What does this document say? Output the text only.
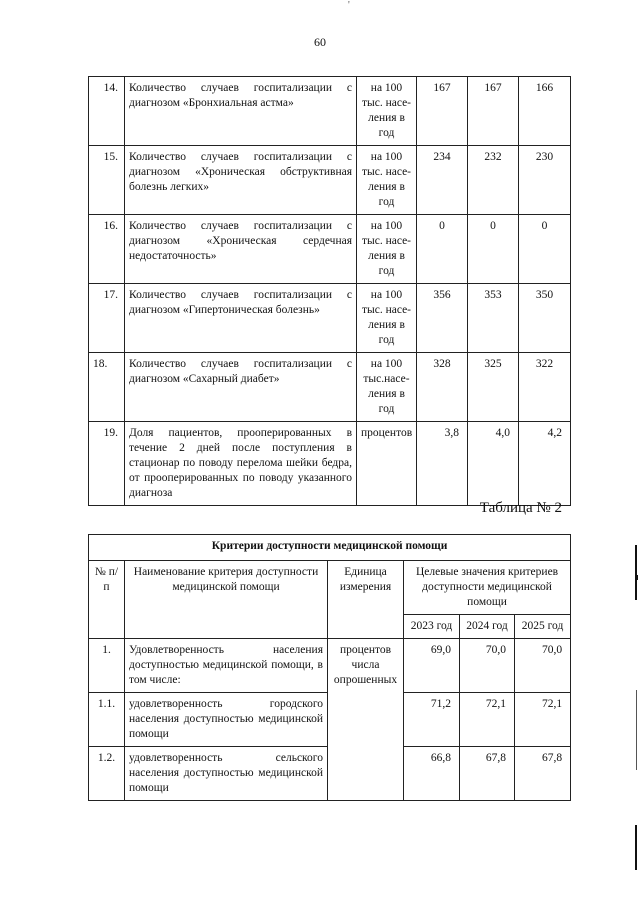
'
60
14.	Количество случаев госпитализации с диагнозом «Бронхиальная астма»	на 100 тыс. насе-ления в год	167	167	166
15.	Количество случаев госпитализации с диагнозом «Хроническая обструктивная болезнь легких»	на 100 тыс. насе-ления в год	234	232	230
16.	Количество случаев госпитализации с диагнозом «Хроническая сердечная недостаточность»	на 100 тыс. насе-ления в год	0	0	0
17.	Количество случаев госпитализации с диагнозом «Гипертоническая болезнь»	на 100 тыс. насе-ления в год	356	353	350
18.	Количество случаев госпитализации с диагнозом «Сахарный диабет»	на 100 тыс.насе-ления в год	328	325	322
19.	Доля пациентов, прооперированных в течение 2 дней после поступления в стационар по поводу перелома шейки бедра, от прооперированных по поводу указанного диагноза	процентов	3,8	4,0	4,2
Таблица № 2
Критерии доступности медицинской помощи					
№ п/п	Наименование критерия доступности медицинской помощи	Единица измерения	Целевые значения критериев доступности медицинской помощи		
			2023 год	2024 год	2025 год
1.	Удовлетворенность населения доступностью медицинской помощи, в том числе:	процентов числа опрошенных	69,0	70,0	70,0
1.1.	удовлетворенность городского населения доступностью медицинской помощи		71,2	72,1	72,1
1.2.	удовлетворенность сельского населения доступностью медицинской помощи		66,8	67,8	67,8
